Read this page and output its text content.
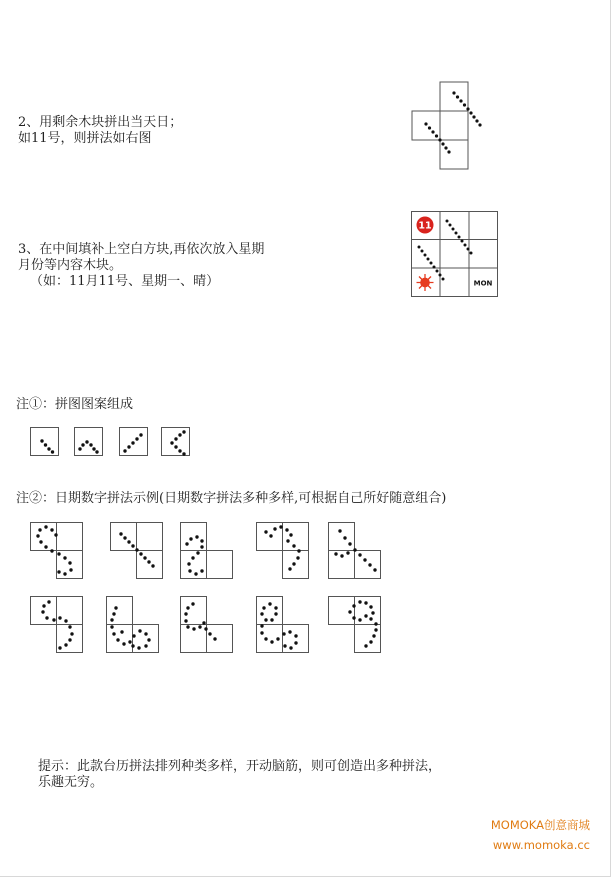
2、用剩余木块拼出当天日；
如11号，则拼法如右图
3、在中间填补上空白方块,再依次放入星期
月份等内容木块。
（如：11月11号、星期一、晴）
11
MON
注①：拼图图案组成
注②：日期数字拼法示例(日期数字拼法多种多样,可根据自己所好随意组合)
提示：此款台历拼法排列种类多样，开动脑筋，则可创造出多种拼法，
乐趣无穷。
MOMOKA创意商城
www.momoka.cc
